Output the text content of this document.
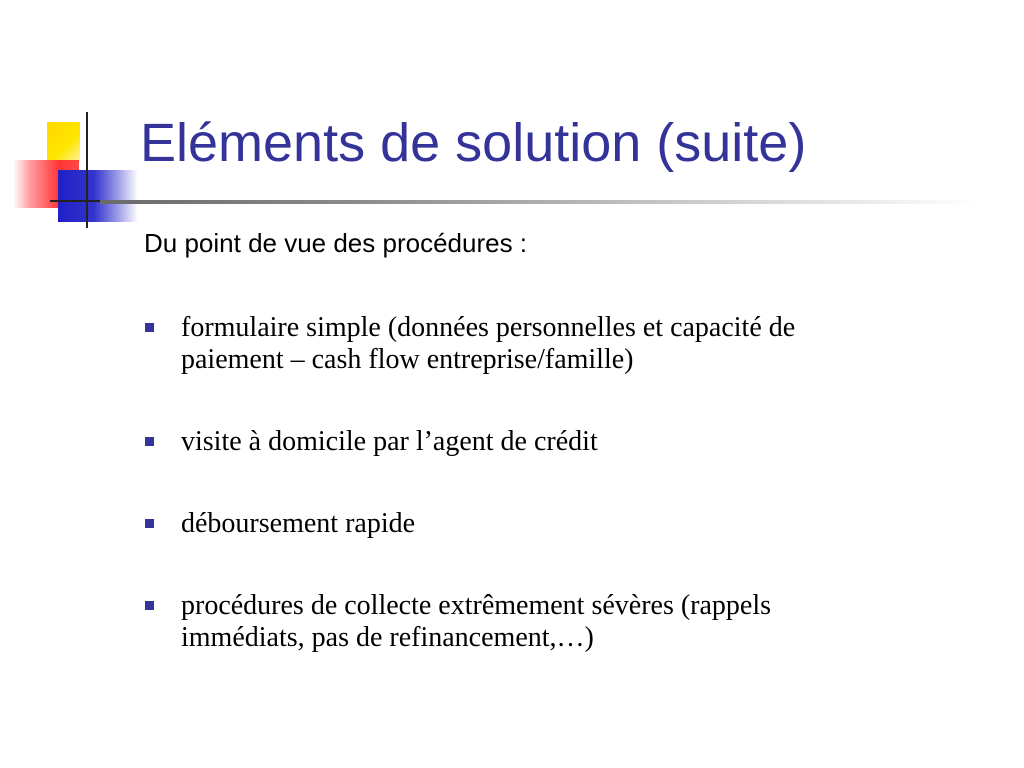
Eléments de solution (suite)
Du point de vue des procédures :
formulaire simple (données personnelles et capacité de
paiement – cash flow entreprise/famille)
visite à domicile par l’agent de crédit
déboursement rapide
procédures de collecte extrêmement sévères (rappels
immédiats, pas de refinancement,…)
